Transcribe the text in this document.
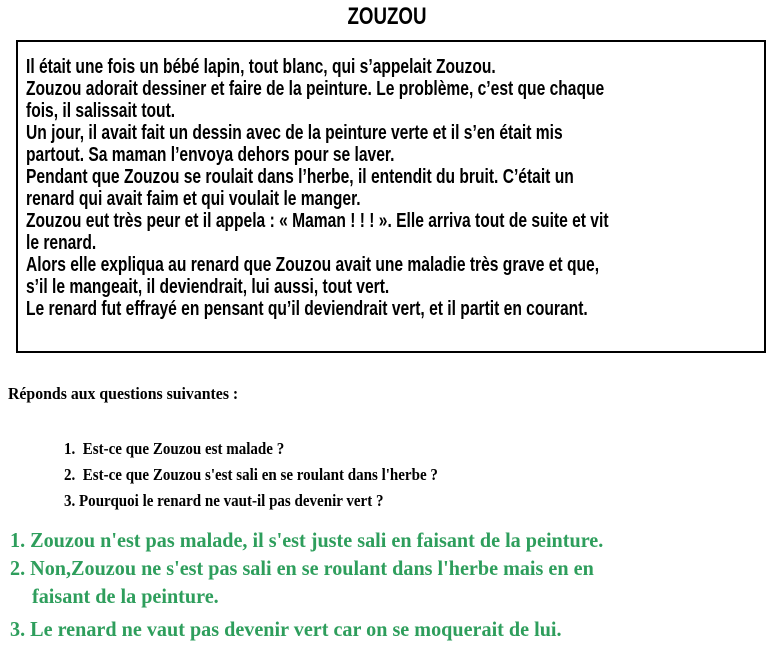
ZOUZOU
Il était une fois un bébé lapin, tout blanc, qui s’appelait Zouzou.
Zouzou adorait dessiner et faire de la peinture. Le problème, c’est que chaque
fois, il salissait tout.
Un jour, il avait fait un dessin avec de la peinture verte et il s’en était mis
partout. Sa maman l’envoya dehors pour se laver.
Pendant que Zouzou se roulait dans l’herbe, il entendit du bruit. C’était un
renard qui avait faim et qui voulait le manger.
Zouzou eut très peur et il appela : « Maman ! ! ! ». Elle arriva tout de suite et vit
le renard.
Alors elle expliqua au renard que Zouzou avait une maladie très grave et que,
s’il le mangeait, il deviendrait, lui aussi, tout vert.
Le renard fut effrayé en pensant qu’il deviendrait vert, et il partit en courant.
Réponds aux questions suivantes :
1.  Est-ce que Zouzou est malade ?
2.  Est-ce que Zouzou s'est sali en se roulant dans l'herbe ?
3. Pourquoi le renard ne vaut-il pas devenir vert ?
1. Zouzou n'est pas malade, il s'est juste sali en faisant de la peinture.
2. Non,Zouzou ne s'est pas sali en se roulant dans l'herbe mais en en
faisant de la peinture.
3. Le renard ne vaut pas devenir vert car on se moquerait de lui.
